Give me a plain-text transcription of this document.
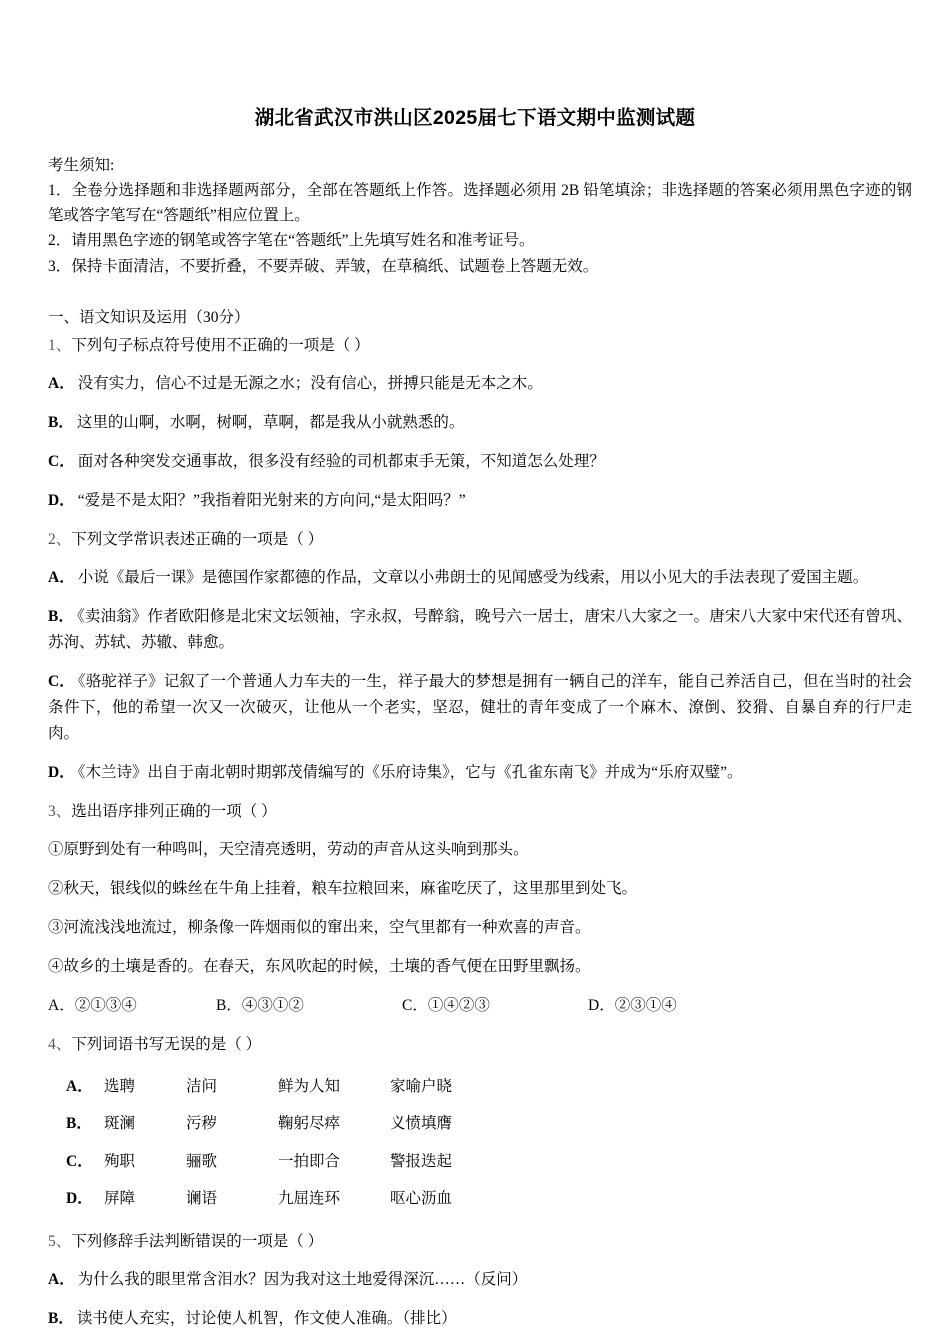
湖北省武汉市洪山区2025届七下语文期中监测试题
考生须知:

1．全卷分选择题和非选择题两部分，全部在答题纸上作答。选择题必须用 2B 铅笔填涂；非选择题的答案必须用黑色字迹的钢笔或答字笔写在“答题纸”相应位置上。

2．请用黑色字迹的钢笔或答字笔在“答题纸”上先填写姓名和准考证号。

3．保持卡面清洁，不要折叠，不要弄破、弄皱，在草稿纸、试题卷上答题无效。

一、语文知识及运用（30分）
1、下列句子标点符号使用不正确的一项是（ ）
A． 没有实力，信心不过是无源之水；没有信心，拼搏只能是无本之木。
B． 这里的山啊，水啊，树啊，草啊，都是我从小就熟悉的。
C． 面对各种突发交通事故，很多没有经验的司机都束手无策，不知道怎么处理？
D． “爱是不是太阳？”我指着阳光射来的方向问,“是太阳吗？”
2、下列文学常识表述正确的一项是（ ）
A． 小说《最后一课》是德国作家都德的作品，文章以小弗朗士的见闻感受为线索，用以小见大的手法表现了爱国主题。
B． 《卖油翁》作者欧阳修是北宋文坛领袖，字永叔，号醉翁，晚号六一居士，唐宋八大家之一。唐宋八大家中宋代还有曾巩、苏洵、苏轼、苏辙、韩愈。
C． 《骆驼祥子》记叙了一个普通人力车夫的一生，祥子最大的梦想是拥有一辆自己的洋车，能自己养活自己，但在当时的社会条件下，他的希望一次又一次破灭，让他从一个老实，坚忍，健壮的青年变成了一个麻木、潦倒、狡猾、自暴自弃的行尸走肉。
D． 《木兰诗》出自于南北朝时期郭茂倩编写的《乐府诗集》，它与《孔雀东南飞》并成为“乐府双璧”。
3、选出语序排列正确的一项（ ）
①原野到处有一种鸣叫，天空清亮透明，劳动的声音从这头响到那头。
②秋天，银线似的蛛丝在牛角上挂着，粮车拉粮回来，麻雀吃厌了，这里那里到处飞。
③河流浅浅地流过，柳条像一阵烟雨似的窜出来，空气里都有一种欢喜的声音。
④故乡的土壤是香的。在春天，东风吹起的时候，土壤的香气便在田野里飘扬。
A．②①③④	B．④③①②	C．①④②③	D．②③①④
4、下列词语书写无误的是（ ）
A． 选聘	洁问	鲜为人知	家喻户晓
B． 斑澜	污秽	鞠躬尽瘁	义愤填膺
C． 殉职	骊歌	一拍即合	警报迭起
D． 屏障	谰语	九屈连环	呕心沥血
5、下列修辞手法判断错误的一项是（ ）
A． 为什么我的眼里常含泪水？因为我对这土地爱得深沉……（反问）
B． 读书使人充实，讨论使人机智，作文使人准确。（排比）
